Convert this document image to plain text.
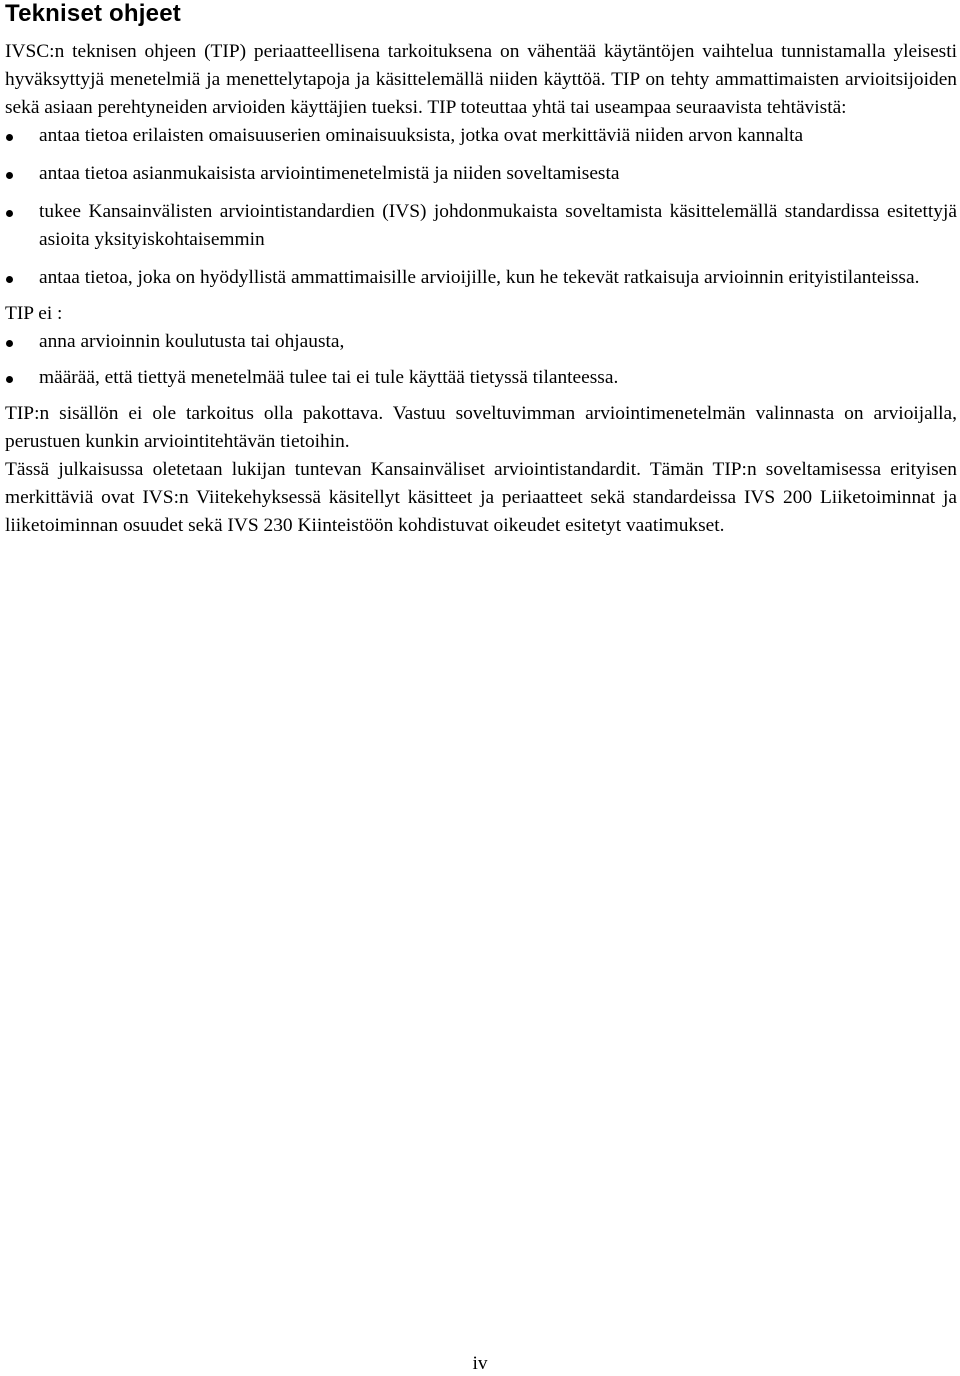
Tekniset ohjeet

IVSC:n teknisen ohjeen (TIP) periaatteellisena tarkoituksena on vähentää käytäntöjen vaihtelua tunnistamalla yleisesti hyväksyttyjä menetelmiä ja menettelytapoja ja käsittelemällä niiden käyttöä. TIP on tehty ammattimaisten arvioitsijoiden sekä asiaan perehtyneiden arvioiden käyttäjien tueksi. TIP toteuttaa yhtä tai useampaa seuraavista tehtävistä:

antaa tietoa erilaisten omaisuuserien ominaisuuksista, jotka ovat merkittäviä niiden arvon kannalta
antaa tietoa asianmukaisista arviointimenetelmistä ja niiden soveltamisesta
tukee Kansainvälisten arviointistandardien (IVS) johdonmukaista soveltamista käsittelemällä standardissa esitettyjä asioita yksityiskohtaisemmin
antaa tietoa, joka on hyödyllistä ammattimaisille arvioijille, kun he tekevät ratkaisuja arvioinnin erityistilanteissa.

TIP ei :

anna arvioinnin koulutusta tai ohjausta,
määrää, että tiettyä menetelmää tulee tai ei tule käyttää tietyssä tilanteessa.

TIP:n sisällön ei ole tarkoitus olla pakottava. Vastuu soveltuvimman arviointimenetelmän valinnasta on arvioijalla, perustuen kunkin arviointitehtävän tietoihin.

Tässä julkaisussa oletetaan lukijan tuntevan Kansainväliset arviointistandardit. Tämän TIP:n soveltamisessa erityisen merkittäviä ovat IVS:n Viitekehyksessä käsitellyt käsitteet ja periaatteet sekä standardeissa IVS 200 Liiketoiminnat ja liiketoiminnan osuudet sekä IVS 230 Kiinteistöön kohdistuvat oikeudet esitetyt vaatimukset.

iv
